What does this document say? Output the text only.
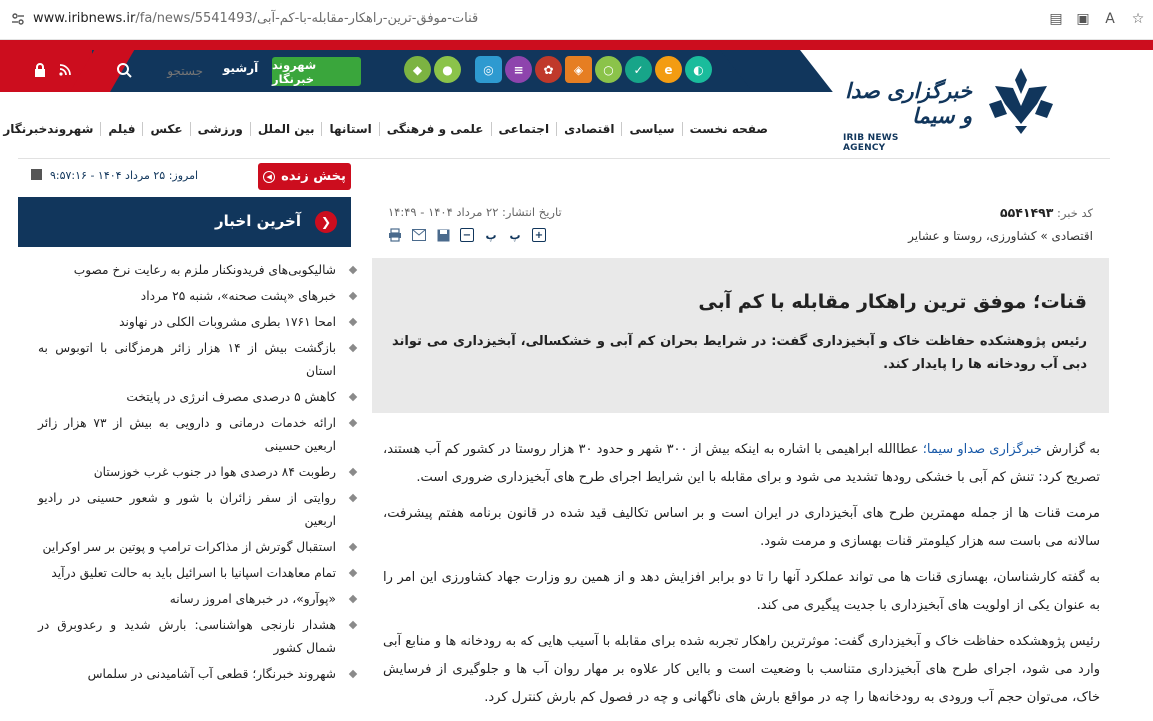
www.iribnews.ir/fa/news/5541493/قنات-موفق-ترین-راهکار-مقابله-با-کم-آبی	▤ ▣	A	☆
جستجو
آرشیو شهروند خبرنگار
◆	●	◎	≡	✿	◈	○	✓	e	◐
خبرگزاری صدا و سیما
IRIB NEWS AGENCY
صفحه نخست
سیاسی
اقتصادی
اجتماعی
علمی و فرهنگی
استانها
بین الملل
ورزشی
عکس
فیلم
شهروندخبرنگار
پخش زنده
◀
امروز: ۲۵ مرداد ۱۴۰۴ - ۹:۵۷:۱۶
آخرین اخبار	❯
شالیکوبی‌های فریدونکنار ملزم به رعایت نرخ مصوب
خبرهای «پشت صحنه»، شنبه ۲۵ مرداد
امحا ۱۷۶۱ بطری مشروبات الکلی در نهاوند
بازگشت بیش از ۱۴ هزار زائر هرمزگانی با اتوبوس به استان
کاهش ۵ درصدی مصرف انرژی در پایتخت
ارائه خدمات درمانی و دارویی به بیش از ۷۳ هزار زائر اربعین حسینی
رطوبت ۸۴ درصدی هوا در جنوب غرب خوزستان
روایتی از سفر زائران با شور و شعور حسینی در رادیو اربعین
استقبال گوترش از مذاکرات ترامپ و پوتین بر سر اوکراین
تمام معاهدات اسپانیا با اسرائیل باید به حالت تعلیق درآید
«پوآرو»، در خبرهای امروز رسانه
هشدار نارنجی هواشناسی: بارش شدید و رعدوبرق در شمال کشور
شهروند خبرنگار؛ قطعی آب آشامیدنی در سلماس
کد خبر: ۵۵۴۱۴۹۳
تاریخ انتشار: ۲۲ مرداد ۱۴۰۴ - ۱۴:۴۹
اقتصادی » کشاورزی، روستا و عشایر
− پ پ +
قنات؛ موفق ترین راهکار مقابله با کم آبی

رئیس پژوهشکده حفاظت خاک و آبخیزداری گفت: در شرایط بحران کم آبی و خشکسالی، آبخیزداری می تواند دبی آب رودخانه ها را پایدار کند.

به گزارش خبرگزاری صداو سیما؛ عطاالله ابراهیمی با اشاره به اینکه بیش از ۳۰۰ شهر و حدود ۳۰ هزار روستا در کشور کم آب هستند، تصریح کرد: تنش کم آبی با خشکی رودها تشدید می شود و برای مقابله با این شرایط اجرای طرح های آبخیزداری ضروری است.

مرمت قنات ها از جمله مهمترین طرح های آبخیزداری در ایران است و بر اساس تکالیف قید شده در قانون برنامه هفتم پیشرفت، سالانه می باست سه هزار کیلومتر قنات بهسازی و مرمت شود.

به گفته کارشناسان، بهسازی قنات ها می تواند عملکرد آنها را تا دو برابر افزایش دهد و از همین رو وزارت جهاد کشاورزی این امر را به عنوان یکی از اولویت های آبخیزداری با جدیت پیگیری می کند.

رئیس پژوهشکده حفاظت خاک و آبخیزداری گفت: موثرترین راهکار تجربه شده برای مقابله با آسیب هایی که به رودخانه ها و منابع آبی وارد می شود، اجرای طرح های آبخیزداری متناسب با وضعیت است و باایں کار علاوه بر مهار روان آب ها و جلوگیری از فرسایش خاک، می‌توان حجم آب ورودی به رودخانه‌ها را چه در مواقع بارش های ناگهانی و چه در فصول کم بارش کنترل کرد.
